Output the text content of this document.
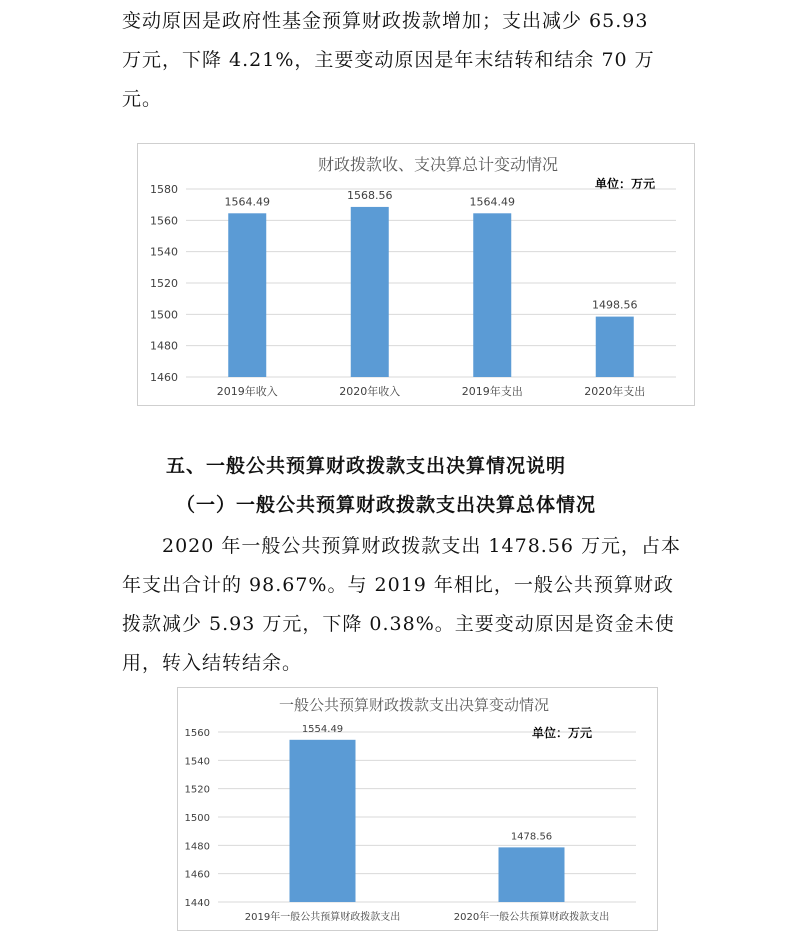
变动原因是政府性基金预算财政拨款增加；支出减少 65.93
万元，下降 4.21%，主要变动原因是年末结转和结余 70 万
元。
财政拨款收、支决算总计变动情况
单位：万元
1460
1480
1500
1520
1540
1560
1580
1564.49
2019年收入
1568.56
2020年收入
1564.49
2019年支出
1498.56
2020年支出
五、一般公共预算财政拨款支出决算情况说明
（一）一般公共预算财政拨款支出决算总体情况
2020 年一般公共预算财政拨款支出 1478.56 万元，占本
年支出合计的 98.67%。与 2019 年相比，一般公共预算财政
拨款减少 5.93 万元，下降 0.38%。主要变动原因是资金未使
用，转入结转结余。
一般公共预算财政拨款支出决算变动情况
单位：万元
1440
1460
1480
1500
1520
1540
1560	1554.49
2019年一般公共预算财政拨款支出
1478.56
2020年一般公共预算财政拨款支出
